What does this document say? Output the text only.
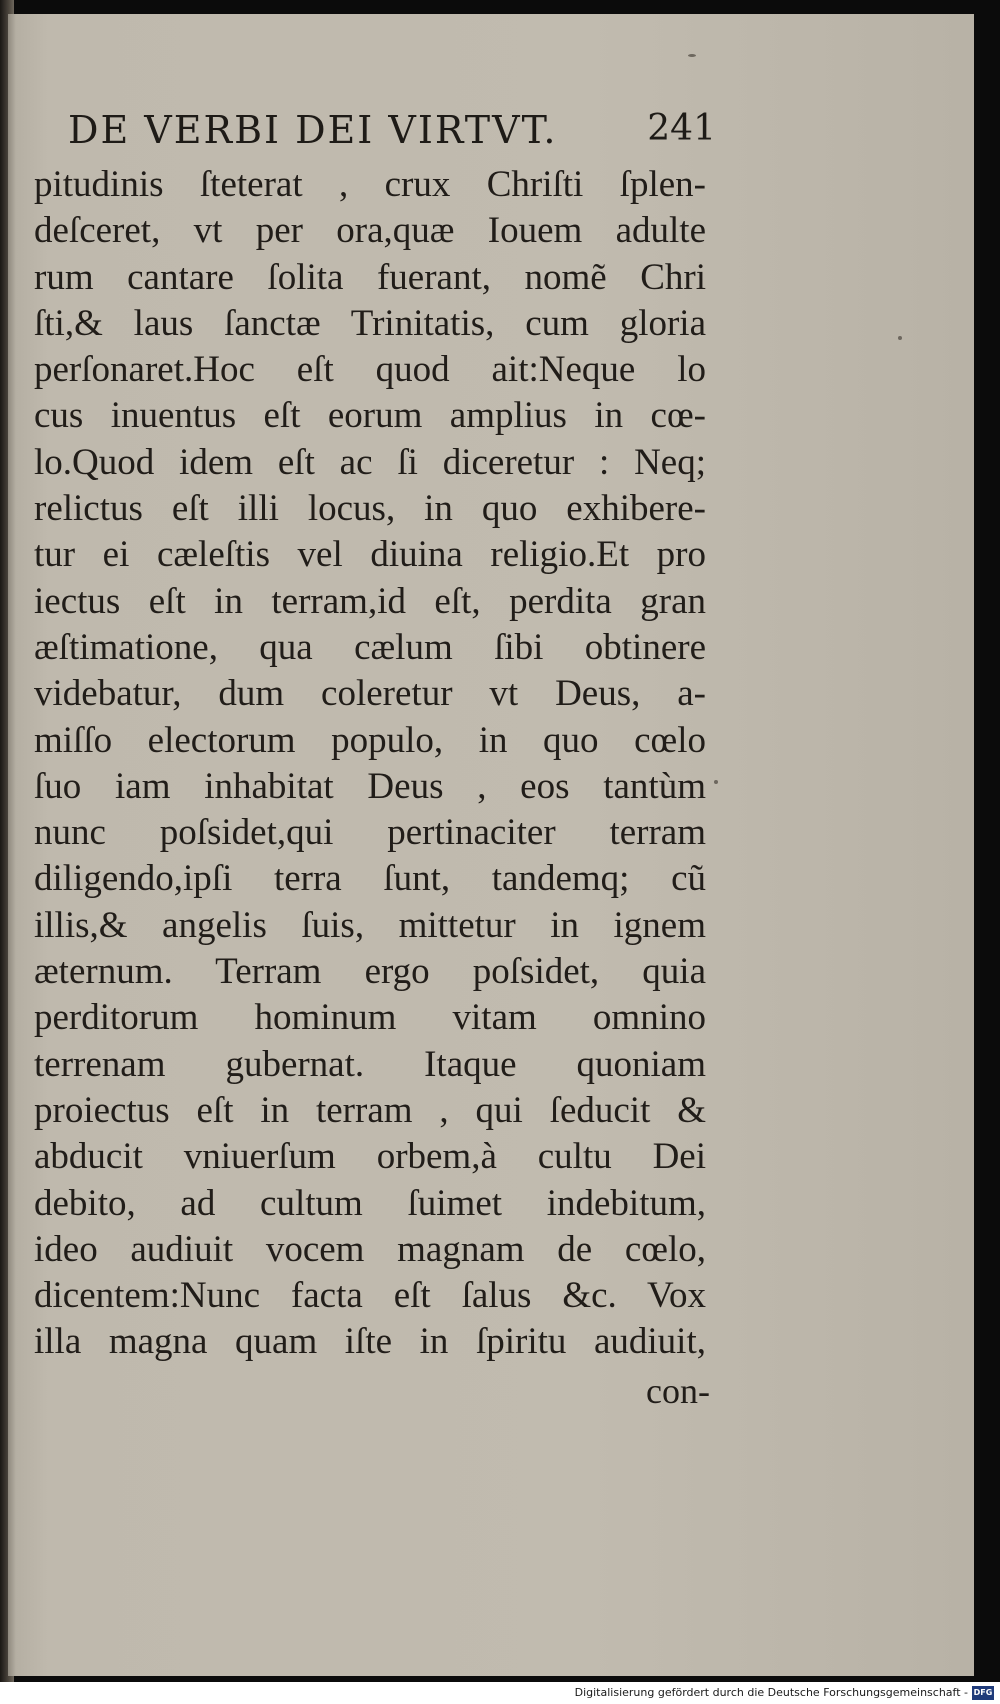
DE VERBI DEI VIRTVT.	241
pitudinis ſteterat , crux Chriſti ſplen-
deſceret, vt per ora,quæ Iouem adulte
rum cantare ſolita fuerant, nomẽ Chri
ſti,& laus ſanctæ Trinitatis, cum gloria
perſonaret.Hoc eſt quod ait:Neque lo
cus inuentus eſt eorum amplius in cœ-
lo.Quod idem eſt ac ſi diceretur : Neq;
relictus eſt illi locus, in quo exhibere-
tur ei cæleſtis vel diuina religio.Et pro
iectus eſt in terram,id eſt, perdita gran
æſtimatione, qua cælum ſibi obtinere
videbatur, dum coleretur vt Deus, a-
miſſo electorum populo, in quo cœlo
ſuo iam inhabitat Deus , eos tantùm
nunc poſsidet,qui pertinaciter terram
diligendo,ipſi terra ſunt, tandemq; cũ
illis,& angelis ſuis, mittetur in ignem
æternum. Terram ergo poſsidet, quia
perditorum hominum vitam omnino
terrenam gubernat. Itaque quoniam
proiectus eſt in terram , qui ſeducit &
abducit vniuerſum orbem,à cultu Dei
debito, ad cultum ſuimet indebitum,
ideo audiuit vocem magnam de cœlo,
dicentem:Nunc facta eſt ſalus &c. Vox
illa magna quam iſte in ſpiritu audiuit,
con-
Digitalisierung gefördert durch die Deutsche Forschungsgemeinschaft - DFG
